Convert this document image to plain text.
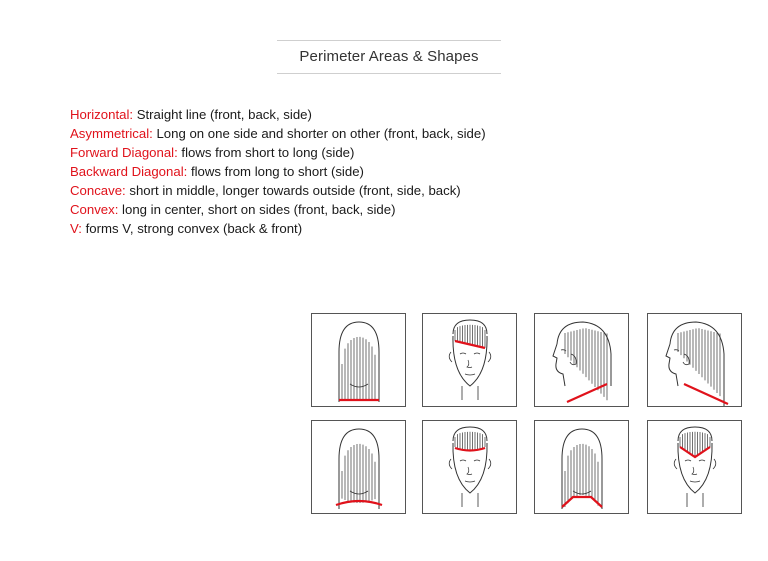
Perimeter Areas & Shapes
Horizontal: Straight line (front, back, side)
Asymmetrical: Long on one side and shorter on other (front, back, side)
Forward Diagonal: flows from short to long (side)
Backward Diagonal: flows from long to short (side)
Concave: short in middle, longer towards outside (front, side, back)
Convex: long in center, short on sides (front, back, side)
V: forms V, strong convex (back & front)
